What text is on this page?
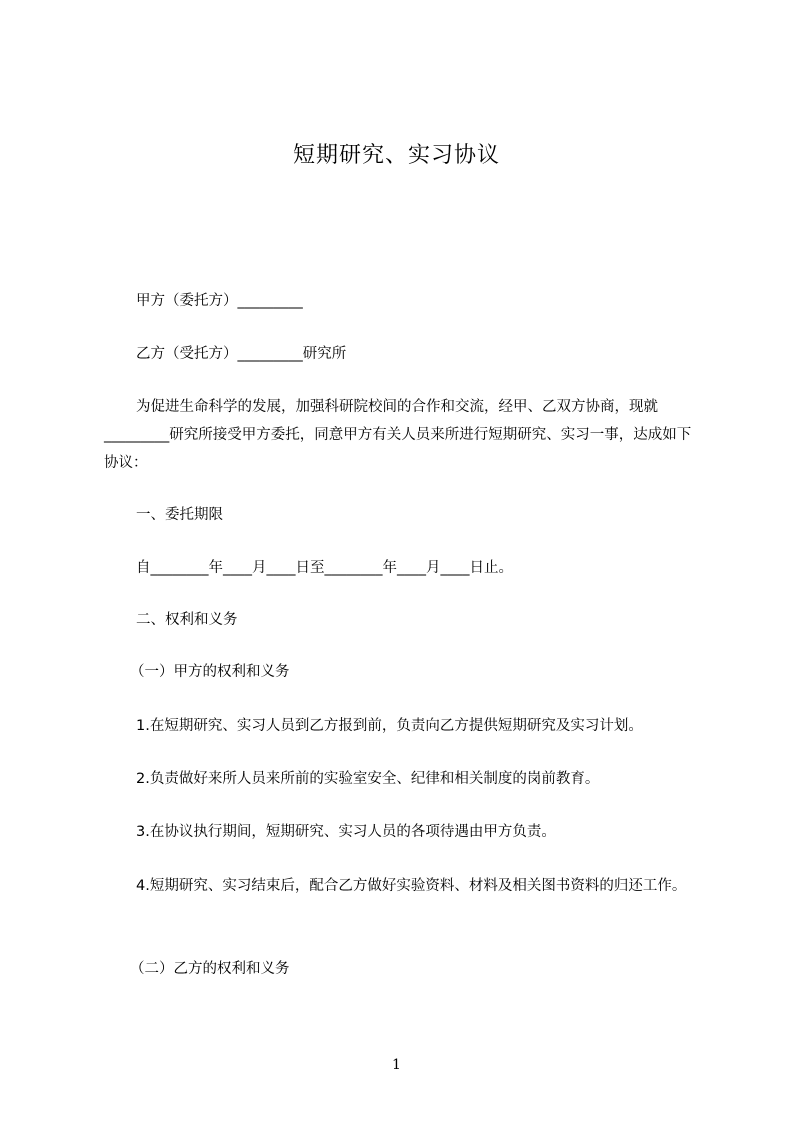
短期研究、实习协议
甲方（委托方）_________
乙方（受托方）_________研究所
为促进生命科学的发展，加强科研院校间的合作和交流，经甲、乙双方协商，现就_________研究所接受甲方委托，同意甲方有关人员来所进行短期研究、实习一事，达成如下协议：
一、委托期限
自________年____月____日至________年____月____日止。
二、权利和义务
（一）甲方的权利和义务
1.在短期研究、实习人员到乙方报到前，负责向乙方提供短期研究及实习计划。
2.负责做好来所人员来所前的实验室安全、纪律和相关制度的岗前教育。
3.在协议执行期间，短期研究、实习人员的各项待遇由甲方负责。
4.短期研究、实习结束后，配合乙方做好实验资料、材料及相关图书资料的归还工作。
（二）乙方的权利和义务
1
